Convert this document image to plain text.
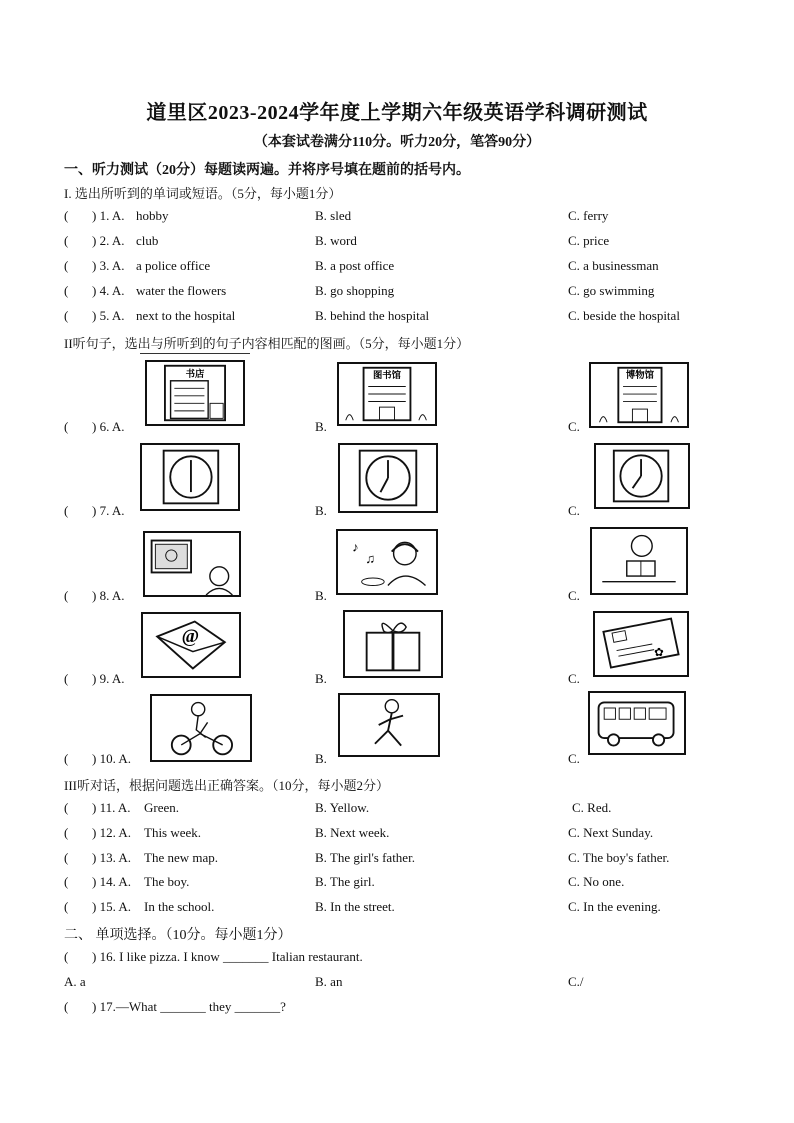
道里区2023-2024学年度上学期六年级英语学科调研测试
（本套试卷满分110分。听力20分，笔答90分）
一、听力测试（20分）每题读两遍。并将序号填在题前的括号内。
I. 选出所听到的单词或短语。（5分，每小题1分）
( ) 1. A. hobby	B. sled	C. ferry
( ) 2. A. club	B. word	C. price
( ) 3. A. a police office	B. a post office	C. a businessman
( ) 4. A. water the flowers	B. go shopping	C. go swimming
( ) 5. A. next to the hospital	B. behind the hospital	C. beside the hospital
II听句子，选出与所听到的句子内容相匹配的图画。（5分，每小题1分）
( ) 6. A.	B.	C.
书店	图书馆	博物馆
( ) 7. A.	B.	C.
( ) 8. A.	B.	C.
♪
♫
( ) 9. A.	B.	C.
@
✿
( ) 10. A.	B.	C.
III听对话，根据问题选出正确答案。（10分，每小题2分）
( ) 11. A. Green.	B. Yellow.	C. Red.
( ) 12. A. This week.	B. Next week.	C. Next Sunday.
( ) 13. A. The new map.	B. The girl's father.	C. The boy's father.
( ) 14. A. The boy.	B. The girl.	C. No one.
( ) 15. A. In the school.	B. In the street.	C. In the evening.
二、 单项选择。（10分。每小题1分）
( ) 16. I like pizza. I know _______ Italian restaurant.
A. a	B. an	C./
( ) 17.—What _______ they _______?
